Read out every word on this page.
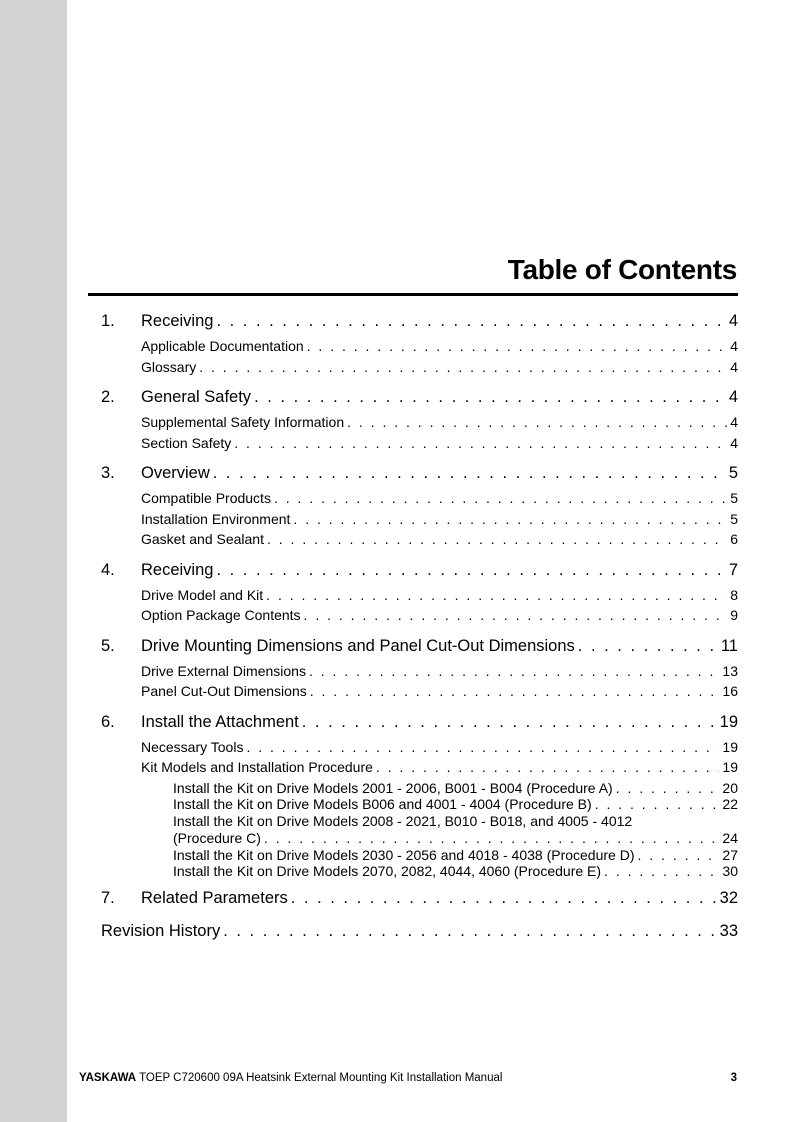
Table of Contents
1.	Receiving . . .	4
Applicable Documentation . . .	4
Glossary . . .	4
2.	General Safety . . .	4
Supplemental Safety Information . . .	4
Section Safety . . .	4
3.	Overview . . .	5
Compatible Products . . .	5
Installation Environment . . .	5
Gasket and Sealant . . .	6
4.	Receiving . . .	7
Drive Model and Kit . . .	8
Option Package Contents . . .	9
5.	Drive Mounting Dimensions and Panel Cut-Out Dimensions . . .	11
Drive External Dimensions . . .	13
Panel Cut-Out Dimensions . . .	16
6.	Install the Attachment . . .	19
Necessary Tools . . .	19
Kit Models and Installation Procedure . . .	19
Install the Kit on Drive Models 2001 - 2006, B001 - B004 (Procedure A) . . .	20
Install the Kit on Drive Models B006 and 4001 - 4004 (Procedure B) . . .	22
Install the Kit on Drive Models 2008 - 2021, B010 - B018, and 4005 - 4012
(Procedure C) . . .	24
Install the Kit on Drive Models 2030 - 2056 and 4018 - 4038 (Procedure D) . . .	27
Install the Kit on Drive Models 2070, 2082, 4044, 4060 (Procedure E) . . .	30
7.	Related Parameters . . .	32
Revision History . . .	33
YASKAWA TOEP C720600 09A Heatsink External Mounting Kit Installation Manual	3
